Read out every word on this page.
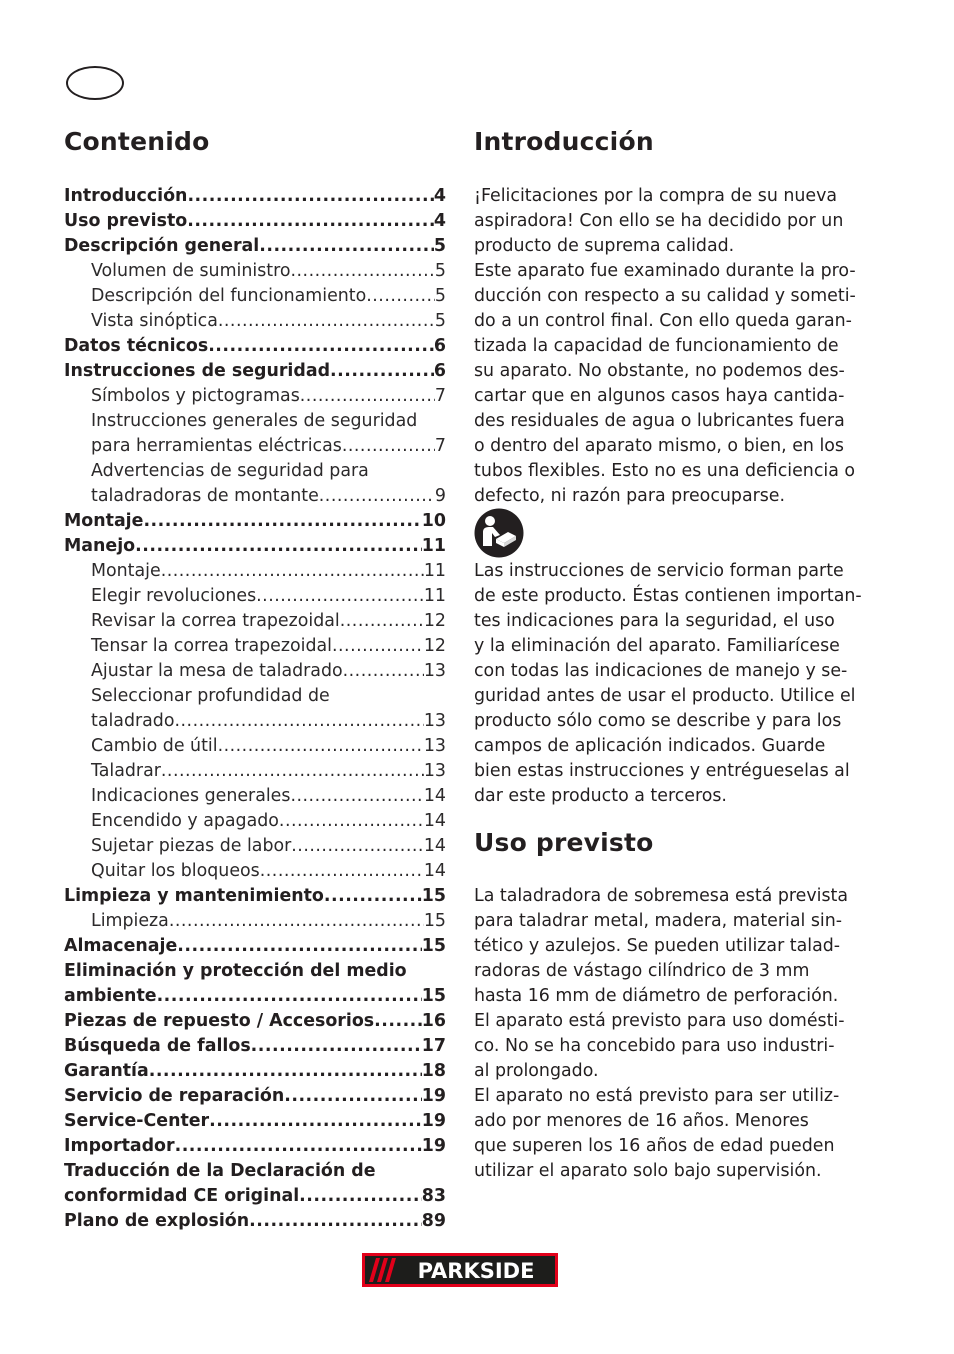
Contenido
Introducción .....	4
Uso previsto .....	4
Descripción general .....	5
Volumen de suministro .....	5
Descripción del funcionamiento .....	5
Vista sinóptica .....	5
Datos técnicos .....	6
Instrucciones de seguridad .....	6
Símbolos y pictogramas .....	7
Instrucciones generales de seguridad
para herramientas eléctricas .....	7
Advertencias de seguridad para
taladradoras de montante .....	9
Montaje .....	10
Manejo .....	11
Montaje .....	11
Elegir revoluciones .....	11
Revisar la correa trapezoidal .....	12
Tensar la correa trapezoidal .....	12
Ajustar la mesa de taladrado .....	13
Seleccionar profundidad de
taladrado .....	13
Cambio de útil .....	13
Taladrar .....	13
Indicaciones generales .....	14
Encendido y apagado .....	14
Sujetar piezas de labor .....	14
Quitar los bloqueos .....	14
Limpieza y mantenimiento .....	15
Limpieza .....	15
Almacenaje .....	15
Eliminación y protección del medio
ambiente .....	15
Piezas de repuesto / Accesorios .....	16
Búsqueda de fallos .....	17
Garantía .....	18
Servicio de reparación .....	19
Service-Center .....	19
Importador .....	19
Traducción de la Declaración de
conformidad CE original .....	83
Plano de explosión .....	89
Introducción
¡Felicitaciones por la compra de su nueva
aspiradora! Con ello se ha decidido por un
producto de suprema calidad.
Este aparato fue examinado durante la pro-
ducción con respecto a su calidad y someti-
do a un control final. Con ello queda garan-
tizada la capacidad de funcionamiento de
su aparato. No obstante, no podemos des-
cartar que en algunos casos haya cantida-
des residuales de agua o lubricantes fuera
o dentro del aparato mismo, o bien, en los
tubos flexibles. Esto no es una deficiencia o
defecto, ni razón para preocuparse.
Las instrucciones de servicio forman parte
de este producto. Éstas contienen importan-
tes indicaciones para la seguridad, el uso
y la eliminación del aparato. Familiarícese
con todas las indicaciones de manejo y se-
guridad antes de usar el producto. Utilice el
producto sólo como se describe y para los
campos de aplicación indicados. Guarde
bien estas instrucciones y entrégueselas al
dar este producto a terceros.
Uso previsto
La taladradora de sobremesa está prevista
para taladrar metal, madera, material sin-
tético y azulejos. Se pueden utilizar talad-
radoras de vástago cilíndrico de 3 mm
hasta 16 mm de diámetro de perforación.
El aparato está previsto para uso domésti-
co. No se ha concebido para uso industri-
al prolongado.
El aparato no está previsto para ser utiliz-
ado por menores de 16 años. Menores
que superen los 16 años de edad pueden
utilizar el aparato solo bajo supervisión.
PARKSIDE
